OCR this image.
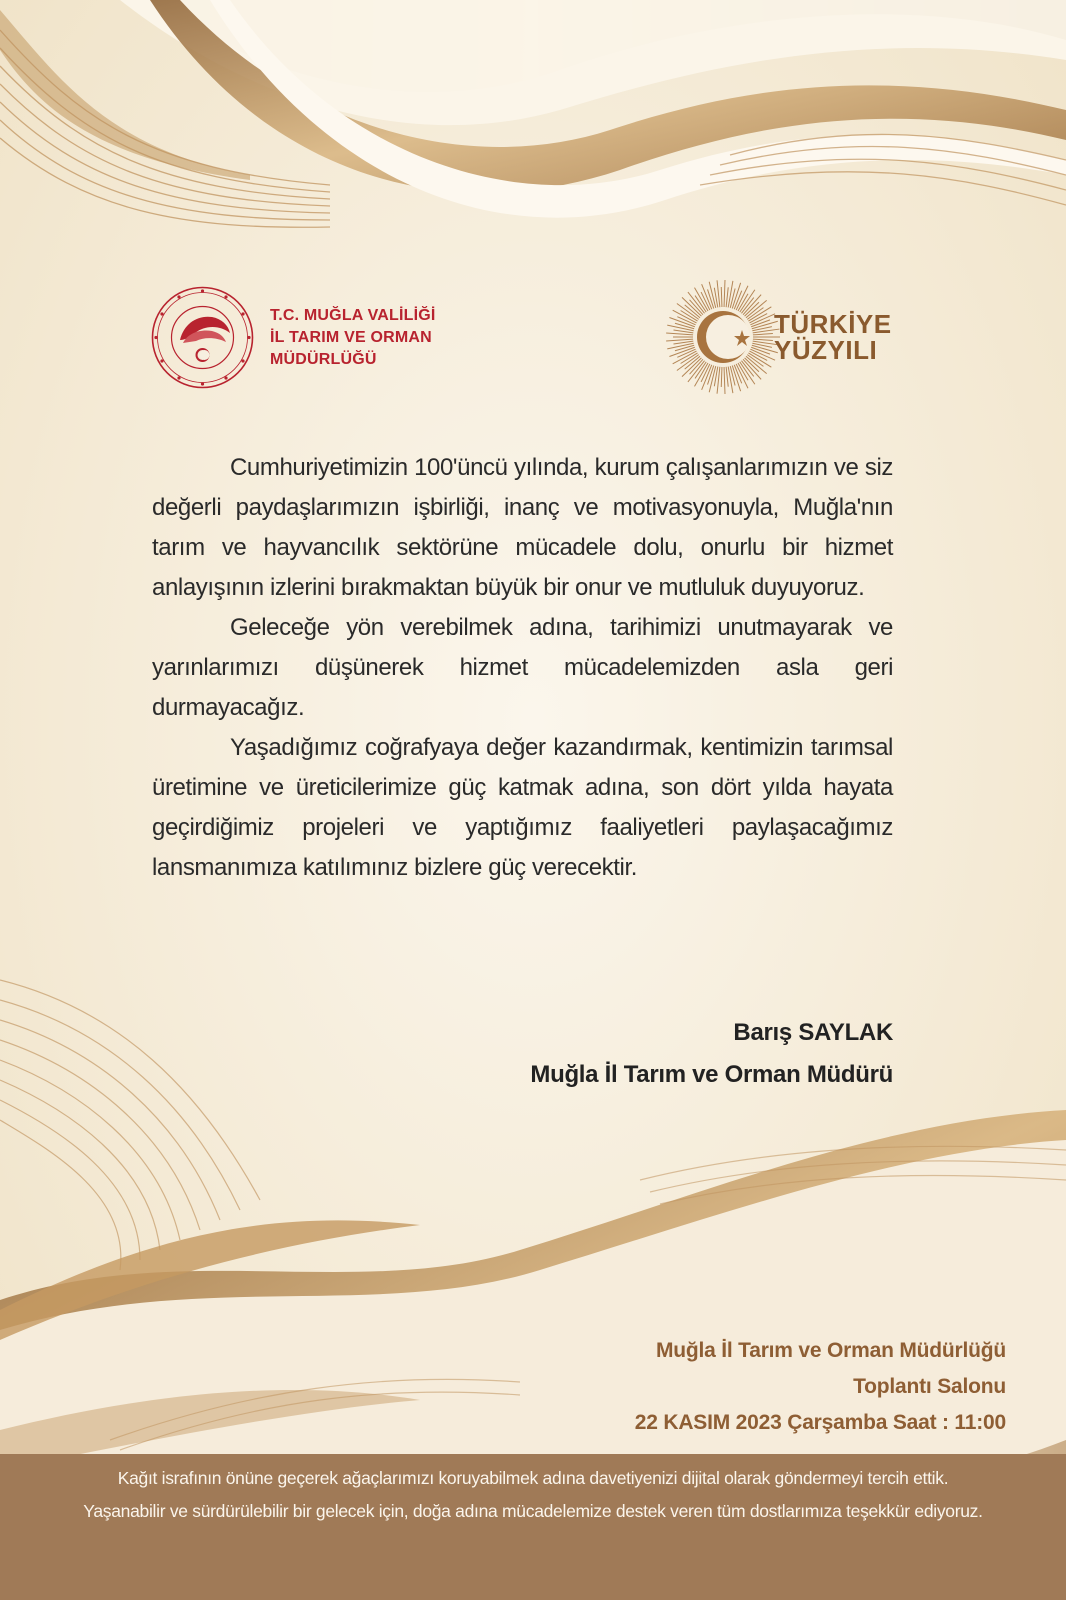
T.C. MUĞLA VALİLİĞİ
İL TARIM VE ORMAN
MÜDÜRLÜĞÜ
TÜRKİYE
YÜZYILI

Cumhuriyetimizin 100'üncü yılında, kurum çalışanlarımızın ve siz değerli paydaşlarımızın işbirliği, inanç ve motivasyonuyla, Muğla'nın tarım ve hayvancılık sektörüne mücadele dolu, onurlu bir hizmet anlayışının izlerini bırakmaktan büyük bir onur ve mutluluk duyuyoruz.

Geleceğe yön verebilmek adına, tarihimizi unutmayarak ve yarınlarımızı düşünerek hizmet mücadelemizden asla geri durmayacağız.

Yaşadığımız coğrafyaya değer kazandırmak, kentimizin tarımsal üretimine ve üreticilerimize güç katmak adına, son dört yılda hayata geçirdiğimiz projeleri ve yaptığımız faaliyetleri paylaşacağımız lansmanımıza katılımınız bizlere güç verecektir.

Barış SAYLAK
Muğla İl Tarım ve Orman Müdürü
Muğla İl Tarım ve Orman Müdürlüğü
Toplantı Salonu
22 KASIM 2023 Çarşamba Saat : 11:00
Kağıt israfının önüne geçerek ağaçlarımızı koruyabilmek adına davetiyenizi dijital olarak göndermeyi tercih ettik.
Yaşanabilir ve sürdürülebilir bir gelecek için, doğa adına mücadelemize destek veren tüm dostlarımıza teşekkür ediyoruz.
